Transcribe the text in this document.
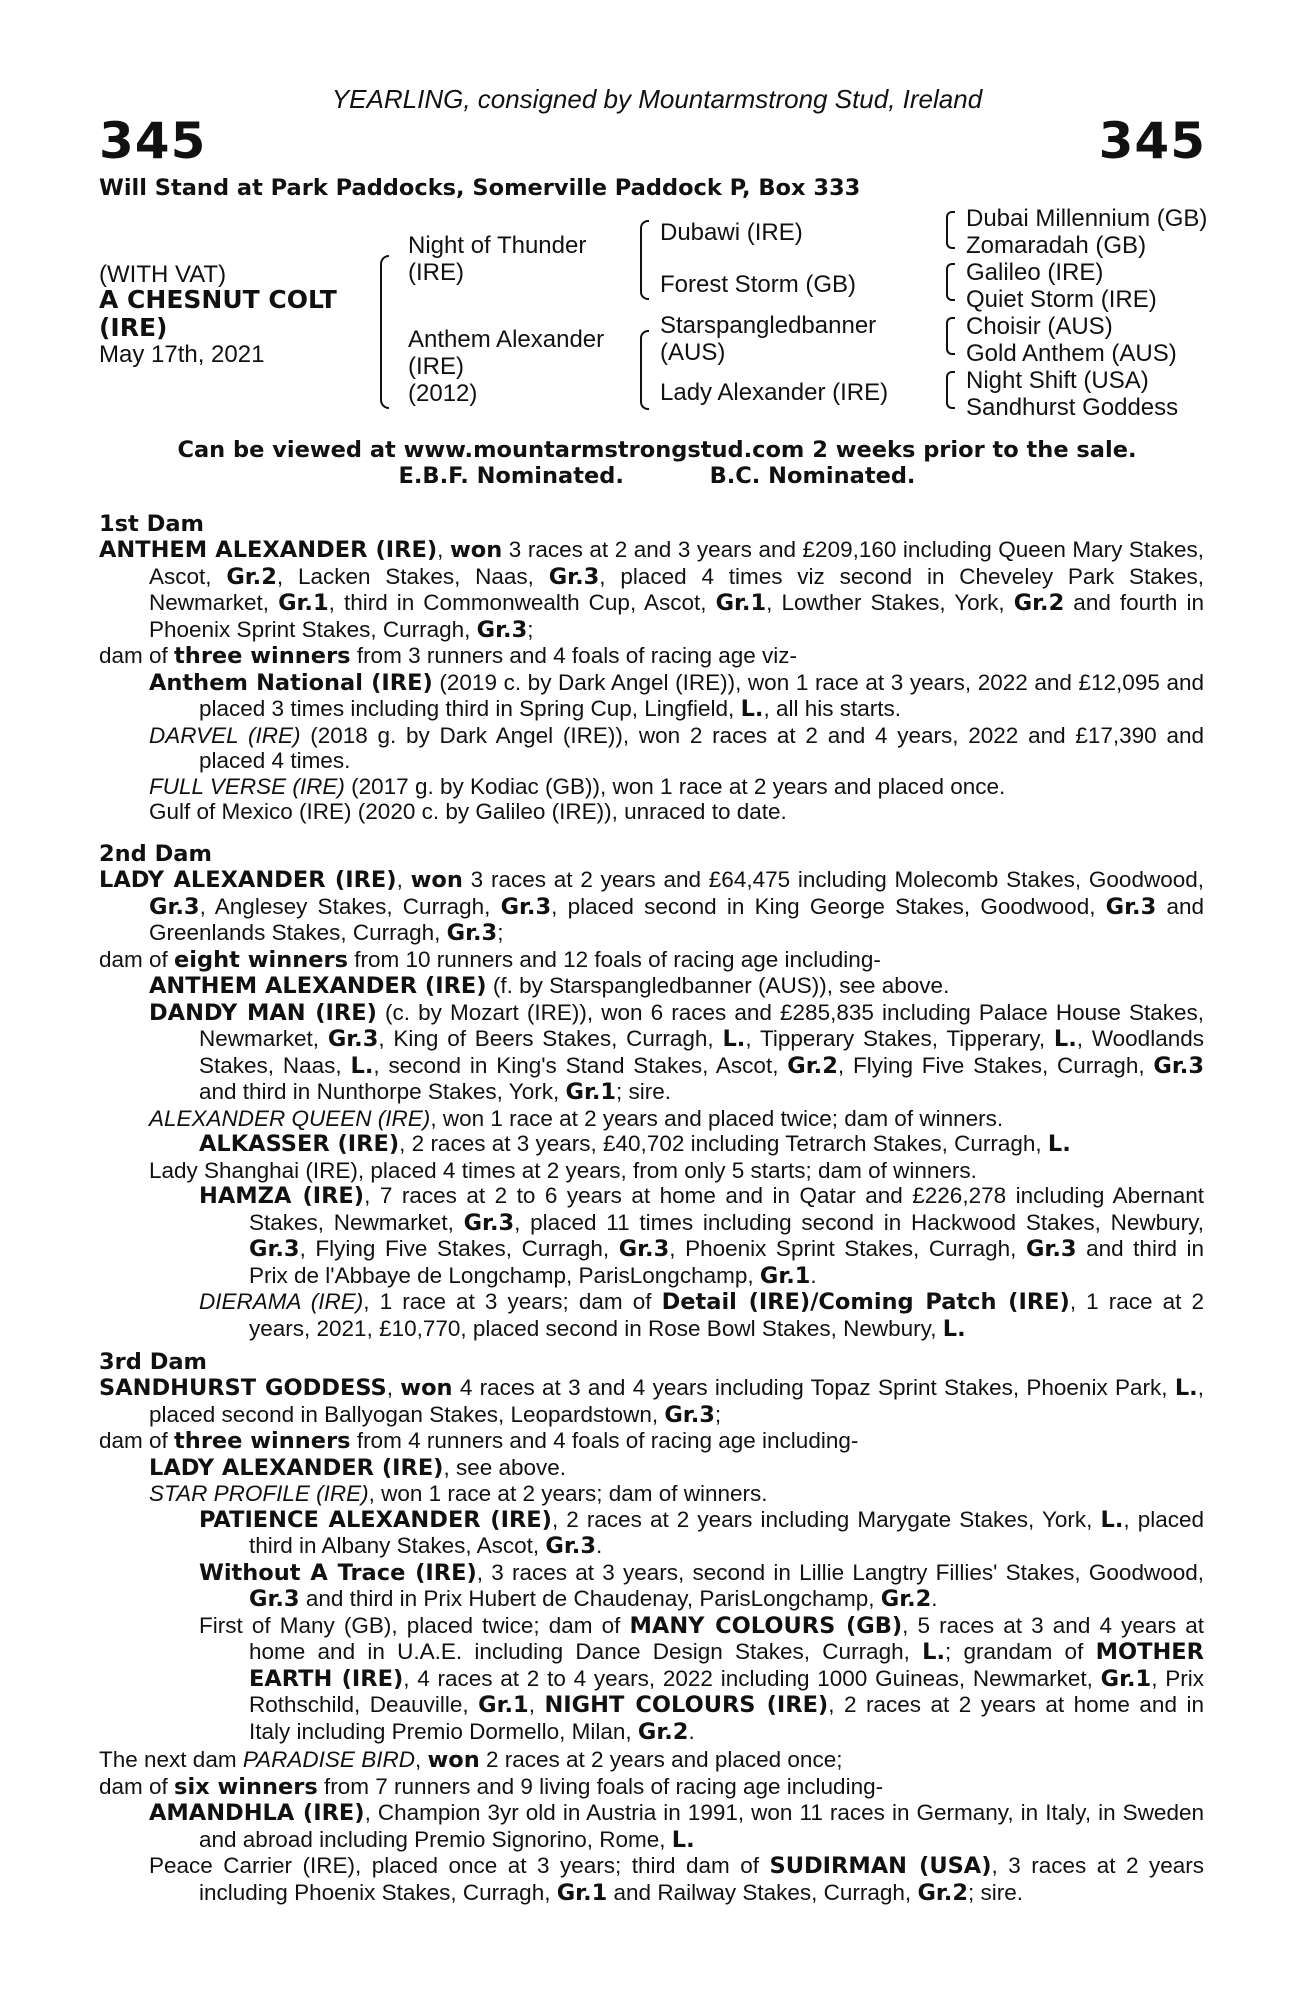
YEARLING, consigned by Mountarmstrong Stud, Ireland
345	345
Will Stand at Park Paddocks, Somerville Paddock P, Box 333
(WITH VAT)
A CHESNUT COLT
(IRE)
May 17th, 2021
Night of Thunder
(IRE)
Anthem Alexander
(IRE)
(2012)
Dubawi (IRE)
Forest Storm (GB)
Starspangledbanner
(AUS)
Lady Alexander (IRE)
Dubai Millennium (GB)
Zomaradah (GB)
Galileo (IRE)
Quiet Storm (IRE)
Choisir (AUS)
Gold Anthem (AUS)
Night Shift (USA)
Sandhurst Goddess
Can be viewed at www.mountarmstrongstud.com 2 weeks prior to the sale.
E.B.F. Nominated.	B.C. Nominated.
1st Dam
ANTHEM ALEXANDER (IRE), won 3 races at 2 and 3 years and £209,160 including Queen Mary Stakes, Ascot, Gr.2, Lacken Stakes, Naas, Gr.3, placed 4 times viz second in Cheveley Park Stakes, Newmarket, Gr.1, third in Commonwealth Cup, Ascot, Gr.1, Lowther Stakes, York, Gr.2 and fourth in Phoenix Sprint Stakes, Curragh, Gr.3;
dam of three winners from 3 runners and 4 foals of racing age viz-
Anthem National (IRE) (2019 c. by Dark Angel (IRE)), won 1 race at 3 years, 2022 and £12,095 and placed 3 times including third in Spring Cup, Lingfield, L., all his starts.
DARVEL (IRE) (2018 g. by Dark Angel (IRE)), won 2 races at 2 and 4 years, 2022 and £17,390 and placed 4 times.
FULL VERSE (IRE) (2017 g. by Kodiac (GB)), won 1 race at 2 years and placed once.
Gulf of Mexico (IRE) (2020 c. by Galileo (IRE)), unraced to date.
2nd Dam
LADY ALEXANDER (IRE), won 3 races at 2 years and £64,475 including Molecomb Stakes, Goodwood, Gr.3, Anglesey Stakes, Curragh, Gr.3, placed second in King George Stakes, Goodwood, Gr.3 and Greenlands Stakes, Curragh, Gr.3;
dam of eight winners from 10 runners and 12 foals of racing age including-
ANTHEM ALEXANDER (IRE) (f. by Starspangledbanner (AUS)), see above.
DANDY MAN (IRE) (c. by Mozart (IRE)), won 6 races and £285,835 including Palace House Stakes, Newmarket, Gr.3, King of Beers Stakes, Curragh, L., Tipperary Stakes, Tipperary, L., Woodlands Stakes, Naas, L., second in King's Stand Stakes, Ascot, Gr.2, Flying Five Stakes, Curragh, Gr.3 and third in Nunthorpe Stakes, York, Gr.1; sire.
ALEXANDER QUEEN (IRE), won 1 race at 2 years and placed twice; dam of winners.
ALKASSER (IRE), 2 races at 3 years, £40,702 including Tetrarch Stakes, Curragh, L.
Lady Shanghai (IRE), placed 4 times at 2 years, from only 5 starts; dam of winners.
HAMZA (IRE), 7 races at 2 to 6 years at home and in Qatar and £226,278 including Abernant Stakes, Newmarket, Gr.3, placed 11 times including second in Hackwood Stakes, Newbury, Gr.3, Flying Five Stakes, Curragh, Gr.3, Phoenix Sprint Stakes, Curragh, Gr.3 and third in Prix de l'Abbaye de Longchamp, ParisLongchamp, Gr.1.
DIERAMA (IRE), 1 race at 3 years; dam of Detail (IRE)/Coming Patch (IRE), 1 race at 2 years, 2021, £10,770, placed second in Rose Bowl Stakes, Newbury, L.
3rd Dam
SANDHURST GODDESS, won 4 races at 3 and 4 years including Topaz Sprint Stakes, Phoenix Park, L., placed second in Ballyogan Stakes, Leopardstown, Gr.3;
dam of three winners from 4 runners and 4 foals of racing age including-
LADY ALEXANDER (IRE), see above.
STAR PROFILE (IRE), won 1 race at 2 years; dam of winners.
PATIENCE ALEXANDER (IRE), 2 races at 2 years including Marygate Stakes, York, L., placed third in Albany Stakes, Ascot, Gr.3.
Without A Trace (IRE), 3 races at 3 years, second in Lillie Langtry Fillies' Stakes, Goodwood, Gr.3 and third in Prix Hubert de Chaudenay, ParisLongchamp, Gr.2.
First of Many (GB), placed twice; dam of MANY COLOURS (GB), 5 races at 3 and 4 years at home and in U.A.E. including Dance Design Stakes, Curragh, L.; grandam of MOTHER EARTH (IRE), 4 races at 2 to 4 years, 2022 including 1000 Guineas, Newmarket, Gr.1, Prix Rothschild, Deauville, Gr.1, NIGHT COLOURS (IRE), 2 races at 2 years at home and in Italy including Premio Dormello, Milan, Gr.2.
The next dam PARADISE BIRD, won 2 races at 2 years and placed once;
dam of six winners from 7 runners and 9 living foals of racing age including-
AMANDHLA (IRE), Champion 3yr old in Austria in 1991, won 11 races in Germany, in Italy, in Sweden and abroad including Premio Signorino, Rome, L.
Peace Carrier (IRE), placed once at 3 years; third dam of SUDIRMAN (USA), 3 races at 2 years including Phoenix Stakes, Curragh, Gr.1 and Railway Stakes, Curragh, Gr.2; sire.
